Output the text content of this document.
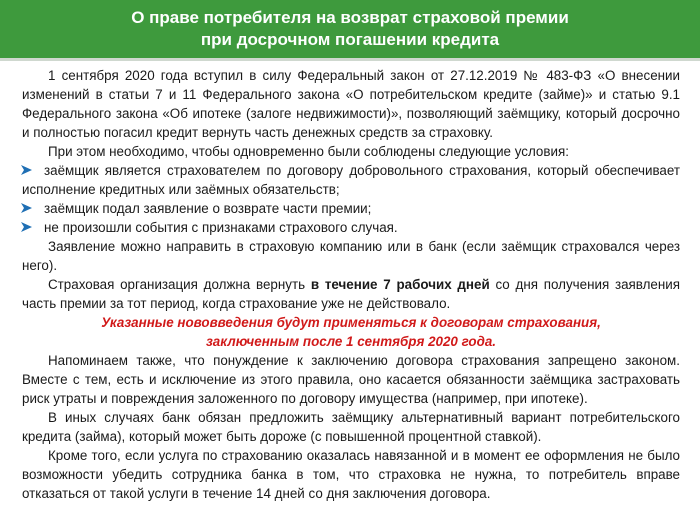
О праве потребителя на возврат страховой премии
при досрочном погашении кредита

1 сентября 2020 года вступил в силу Федеральный закон от 27.12.2019 № 483-ФЗ «О внесении изменений в статьи 7 и 11 Федерального закона «О потребительском кредите (займе)» и статью 9.1 Федерального закона «Об ипотеке (залоге недвижимости)», позволяющий заёмщику, который досрочно и полностью погасил кредит вернуть часть денежных средств за страховку.

При этом необходимо, чтобы одновременно были соблюдены следующие условия:

заёмщик является страхователем по договору добровольного страхования, который обеспечивает исполнение кредитных или заёмных обязательств;

заёмщик подал заявление о возврате части премии;

не произошли события с признаками страхового случая.

Заявление можно направить в страховую компанию или в банк (если заёмщик страховался через него).

Страховая организация должна вернуть в течение 7 рабочих дней со дня получения заявления часть премии за тот период, когда страхование уже не действовало.

Указанные нововведения будут применяться к договорам страхования,

заключенным после 1 сентября 2020 года.

Напоминаем также, что понуждение к заключению договора страхования запрещено законом. Вместе с тем, есть и исключение из этого правила, оно касается обязанности заёмщика застраховать риск утраты и повреждения заложенного по договору имущества (например, при ипотеке).

В иных случаях банк обязан предложить заёмщику альтернативный вариант потребительского кредита (займа), который может быть дороже (с повышенной процентной ставкой).

Кроме того, если услуга по страхованию оказалась навязанной и в момент ее оформления не было возможности убедить сотрудника банка в том, что страховка не нужна, то потребитель вправе отказаться от такой услуги в течение 14 дней со дня заключения договора.
